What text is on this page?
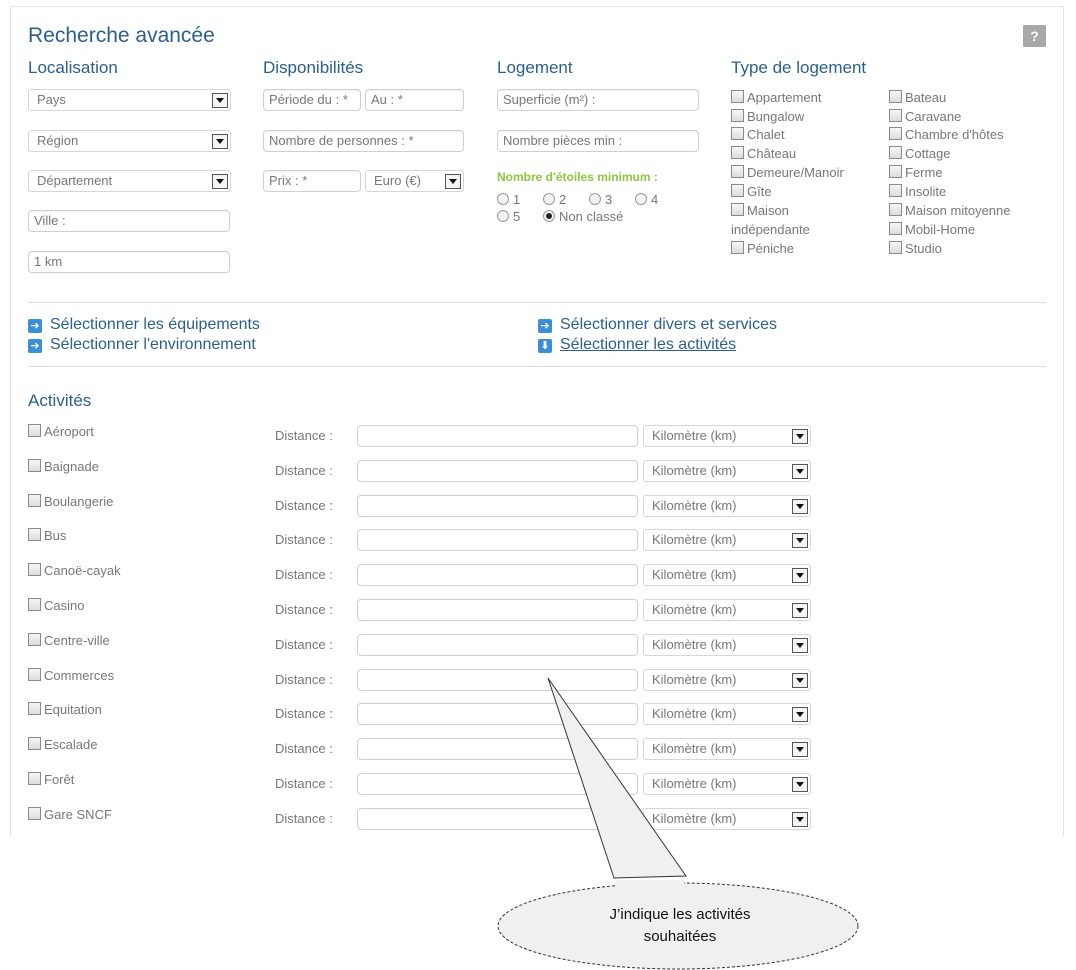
Recherche avancée	?
Localisation	Disponibilités	Logement	Type de logement
Pays
Région
Département
Ville :
1 km
Période du : *	Au : *
Nombre de personnes : *
Prix : *	Euro (€)
Superficie (m²) :
Nombre pièces min :
Nombre d'étoiles minimum :
1	2	3	4
5	Non classé
Appartement
Bungalow
Chalet
Château
Demeure/Manoir
Gîte
Maison
indépendante
Péniche
Bateau
Caravane
Chambre d'hôtes
Cottage
Ferme
Insolite
Maison mitoyenne
Mobil-Home
Studio
➔ Sélectionner les équipements
➔ Sélectionner l'environnement
➔ Sélectionner divers et services
⬇ Sélectionner les activités
Activités
Aéroport	Distance :	Kilomètre (km)
Baignade	Distance :	Kilomètre (km)
Boulangerie	Distance :	Kilomètre (km)
Bus	Distance :	Kilomètre (km)
Canoë-cayak	Distance :	Kilomètre (km)
Casino	Distance :	Kilomètre (km)
Centre-ville	Distance :	Kilomètre (km)
Commerces	Distance :	Kilomètre (km)
Equitation	Distance :	Kilomètre (km)
Escalade	Distance :	Kilomètre (km)
Forêt	Distance :	Kilomètre (km)
Gare SNCF	Distance :	Kilomètre (km)
J’indique les activités
souhaitées
